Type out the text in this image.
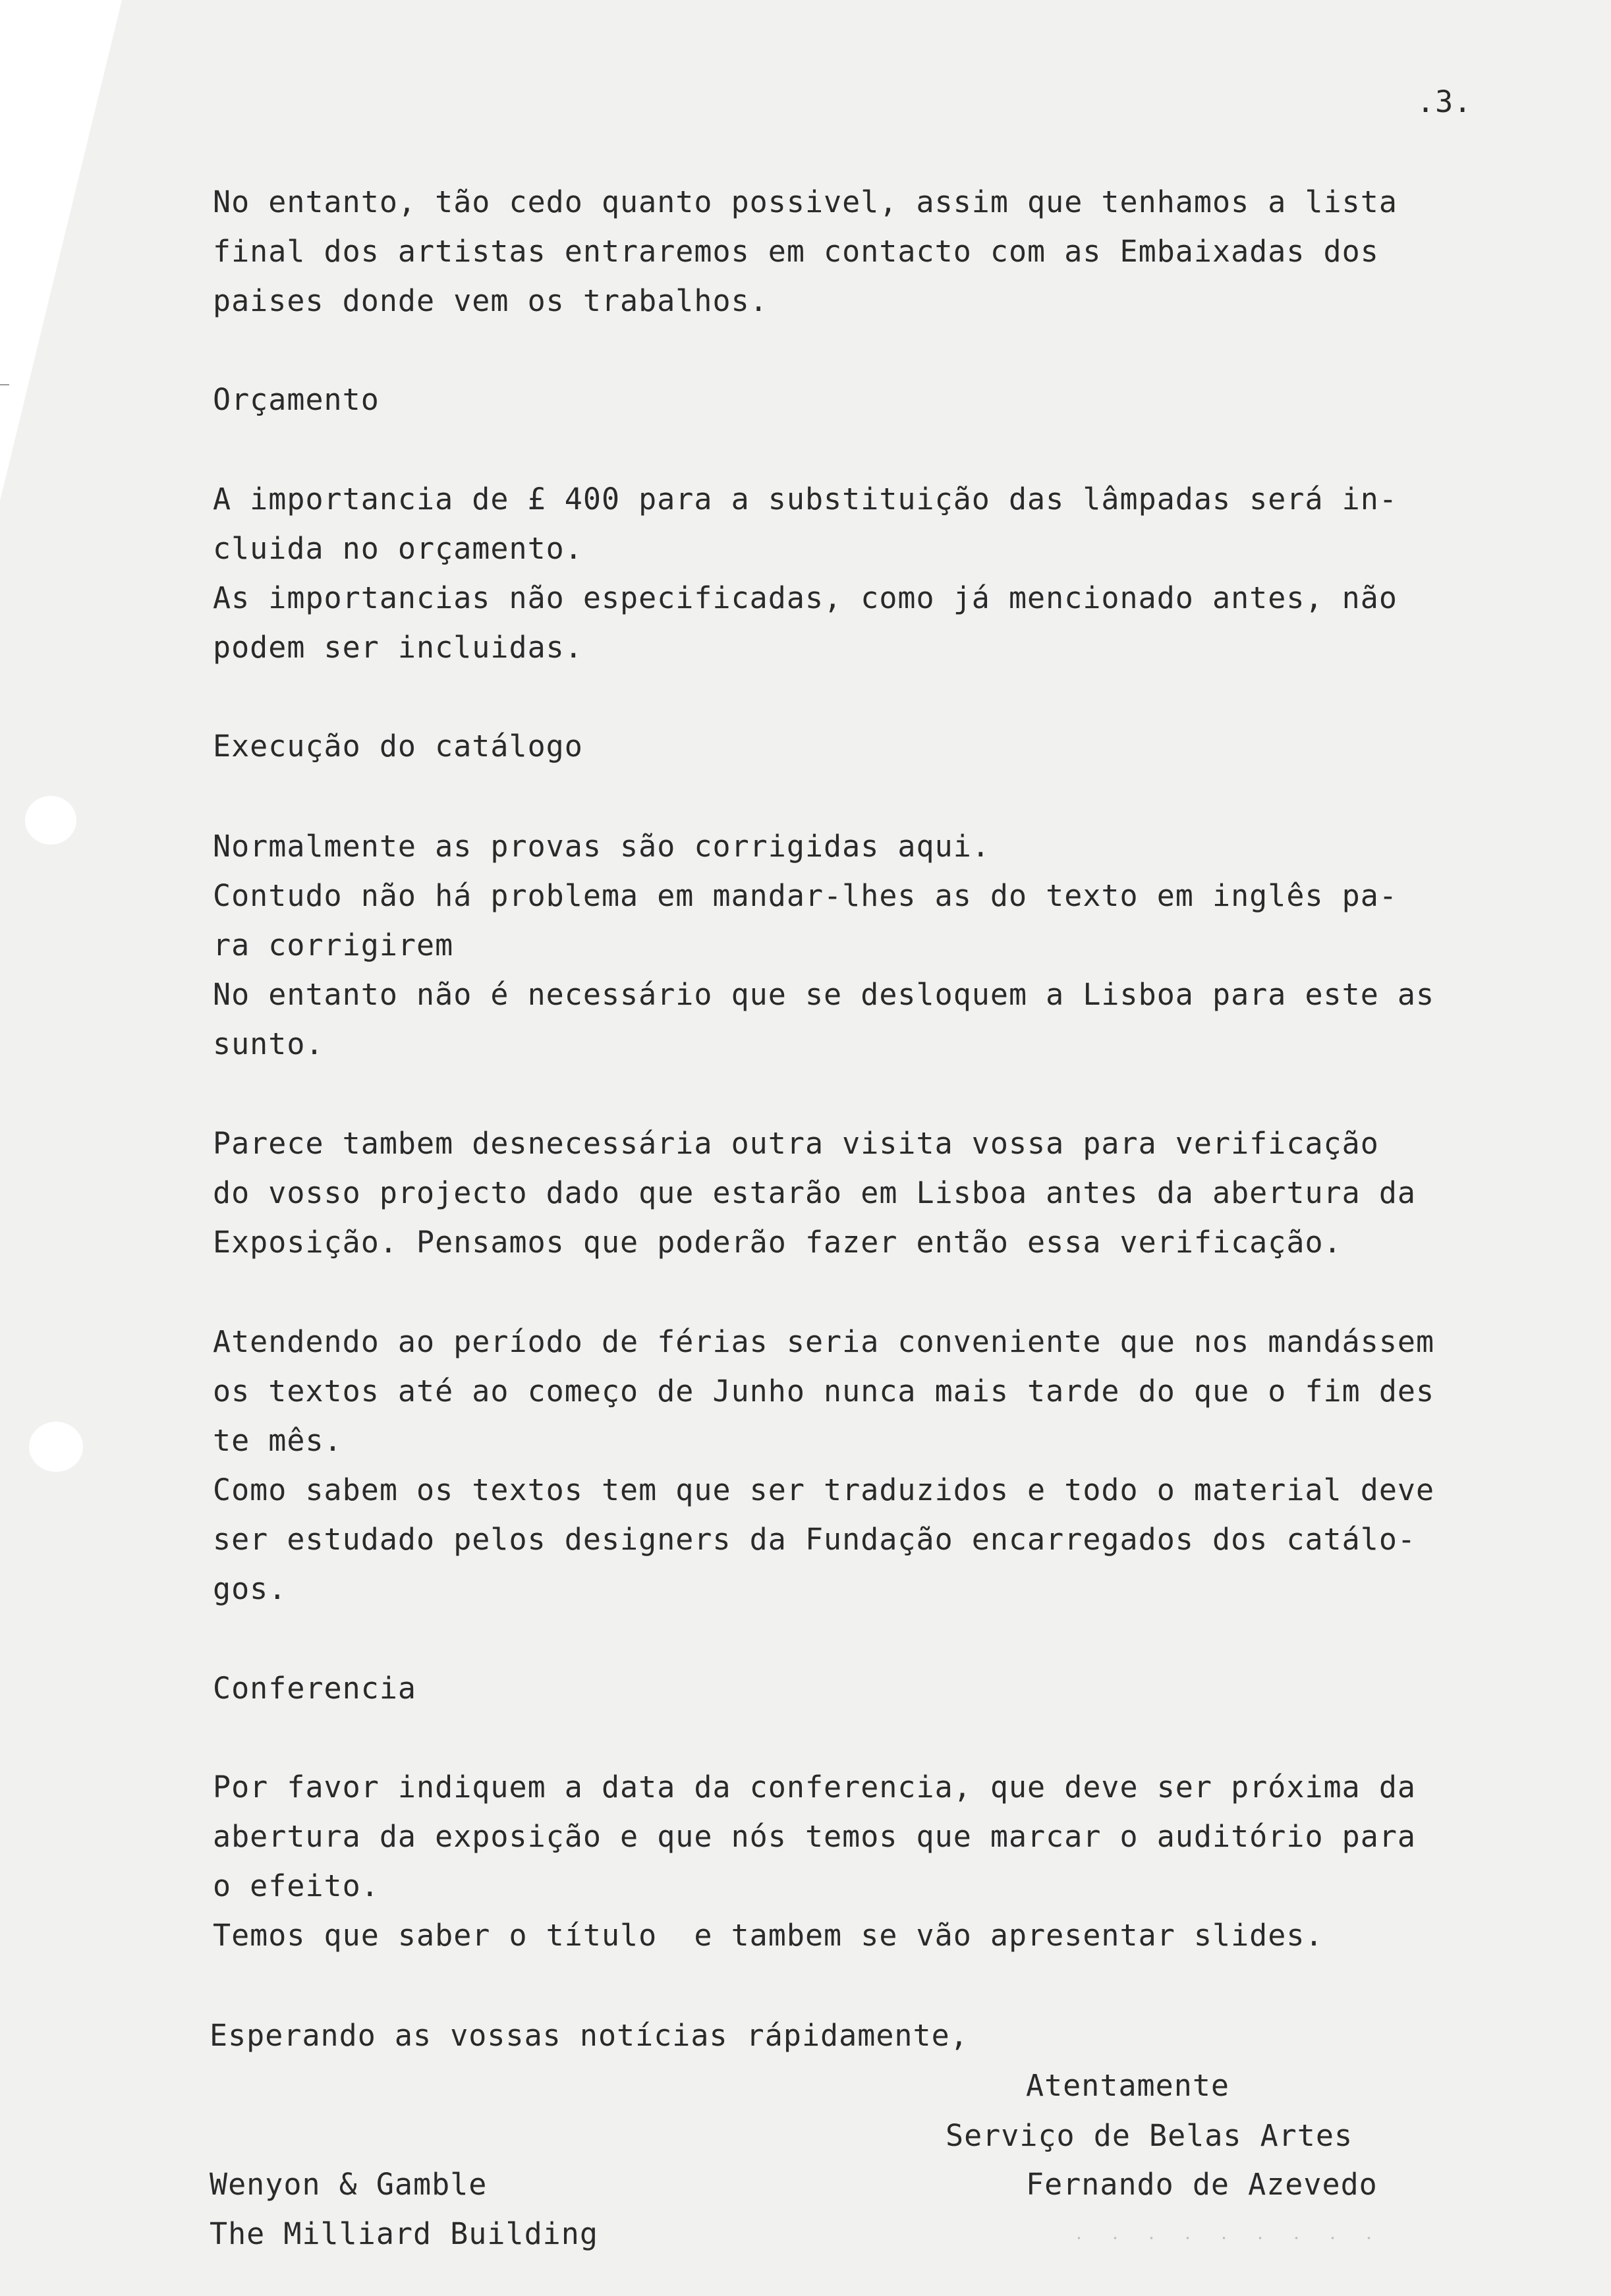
.3.
No entanto, tão cedo quanto possivel, assim que tenhamos a lista
final dos artistas entraremos em contacto com as Embaixadas dos
paises donde vem os trabalhos.
Orçamento
A importancia de £ 400 para a substituição das lâmpadas será in-
cluida no orçamento.
As importancias não especificadas, como já mencionado antes, não
podem ser incluidas.
Execução do catálogo
Normalmente as provas são corrigidas aqui.
Contudo não há problema em mandar-lhes as do texto em inglês pa-
ra corrigirem
No entanto não é necessário que se desloquem a Lisboa para este as
sunto.
Parece tambem desnecessária outra visita vossa para verificação
do vosso projecto dado que estarão em Lisboa antes da abertura da
Exposição. Pensamos que poderão fazer então essa verificação.
Atendendo ao período de férias seria conveniente que nos mandássem
os textos até ao começo de Junho nunca mais tarde do que o fim des
te mês.
Como sabem os textos tem que ser traduzidos e todo o material deve
ser estudado pelos designers da Fundação encarregados dos catálo-
gos.
Conferencia
Por favor indiquem a data da conferencia, que deve ser próxima da
abertura da exposição e que nós temos que marcar o auditório para
o efeito.
Temos que saber o título  e tambem se vão apresentar slides.
Esperando as vossas notícias rápidamente,
Atentamente
Serviço de Belas Artes
Fernando de Azevedo
Wenyon & Gamble
The Milliard Building
